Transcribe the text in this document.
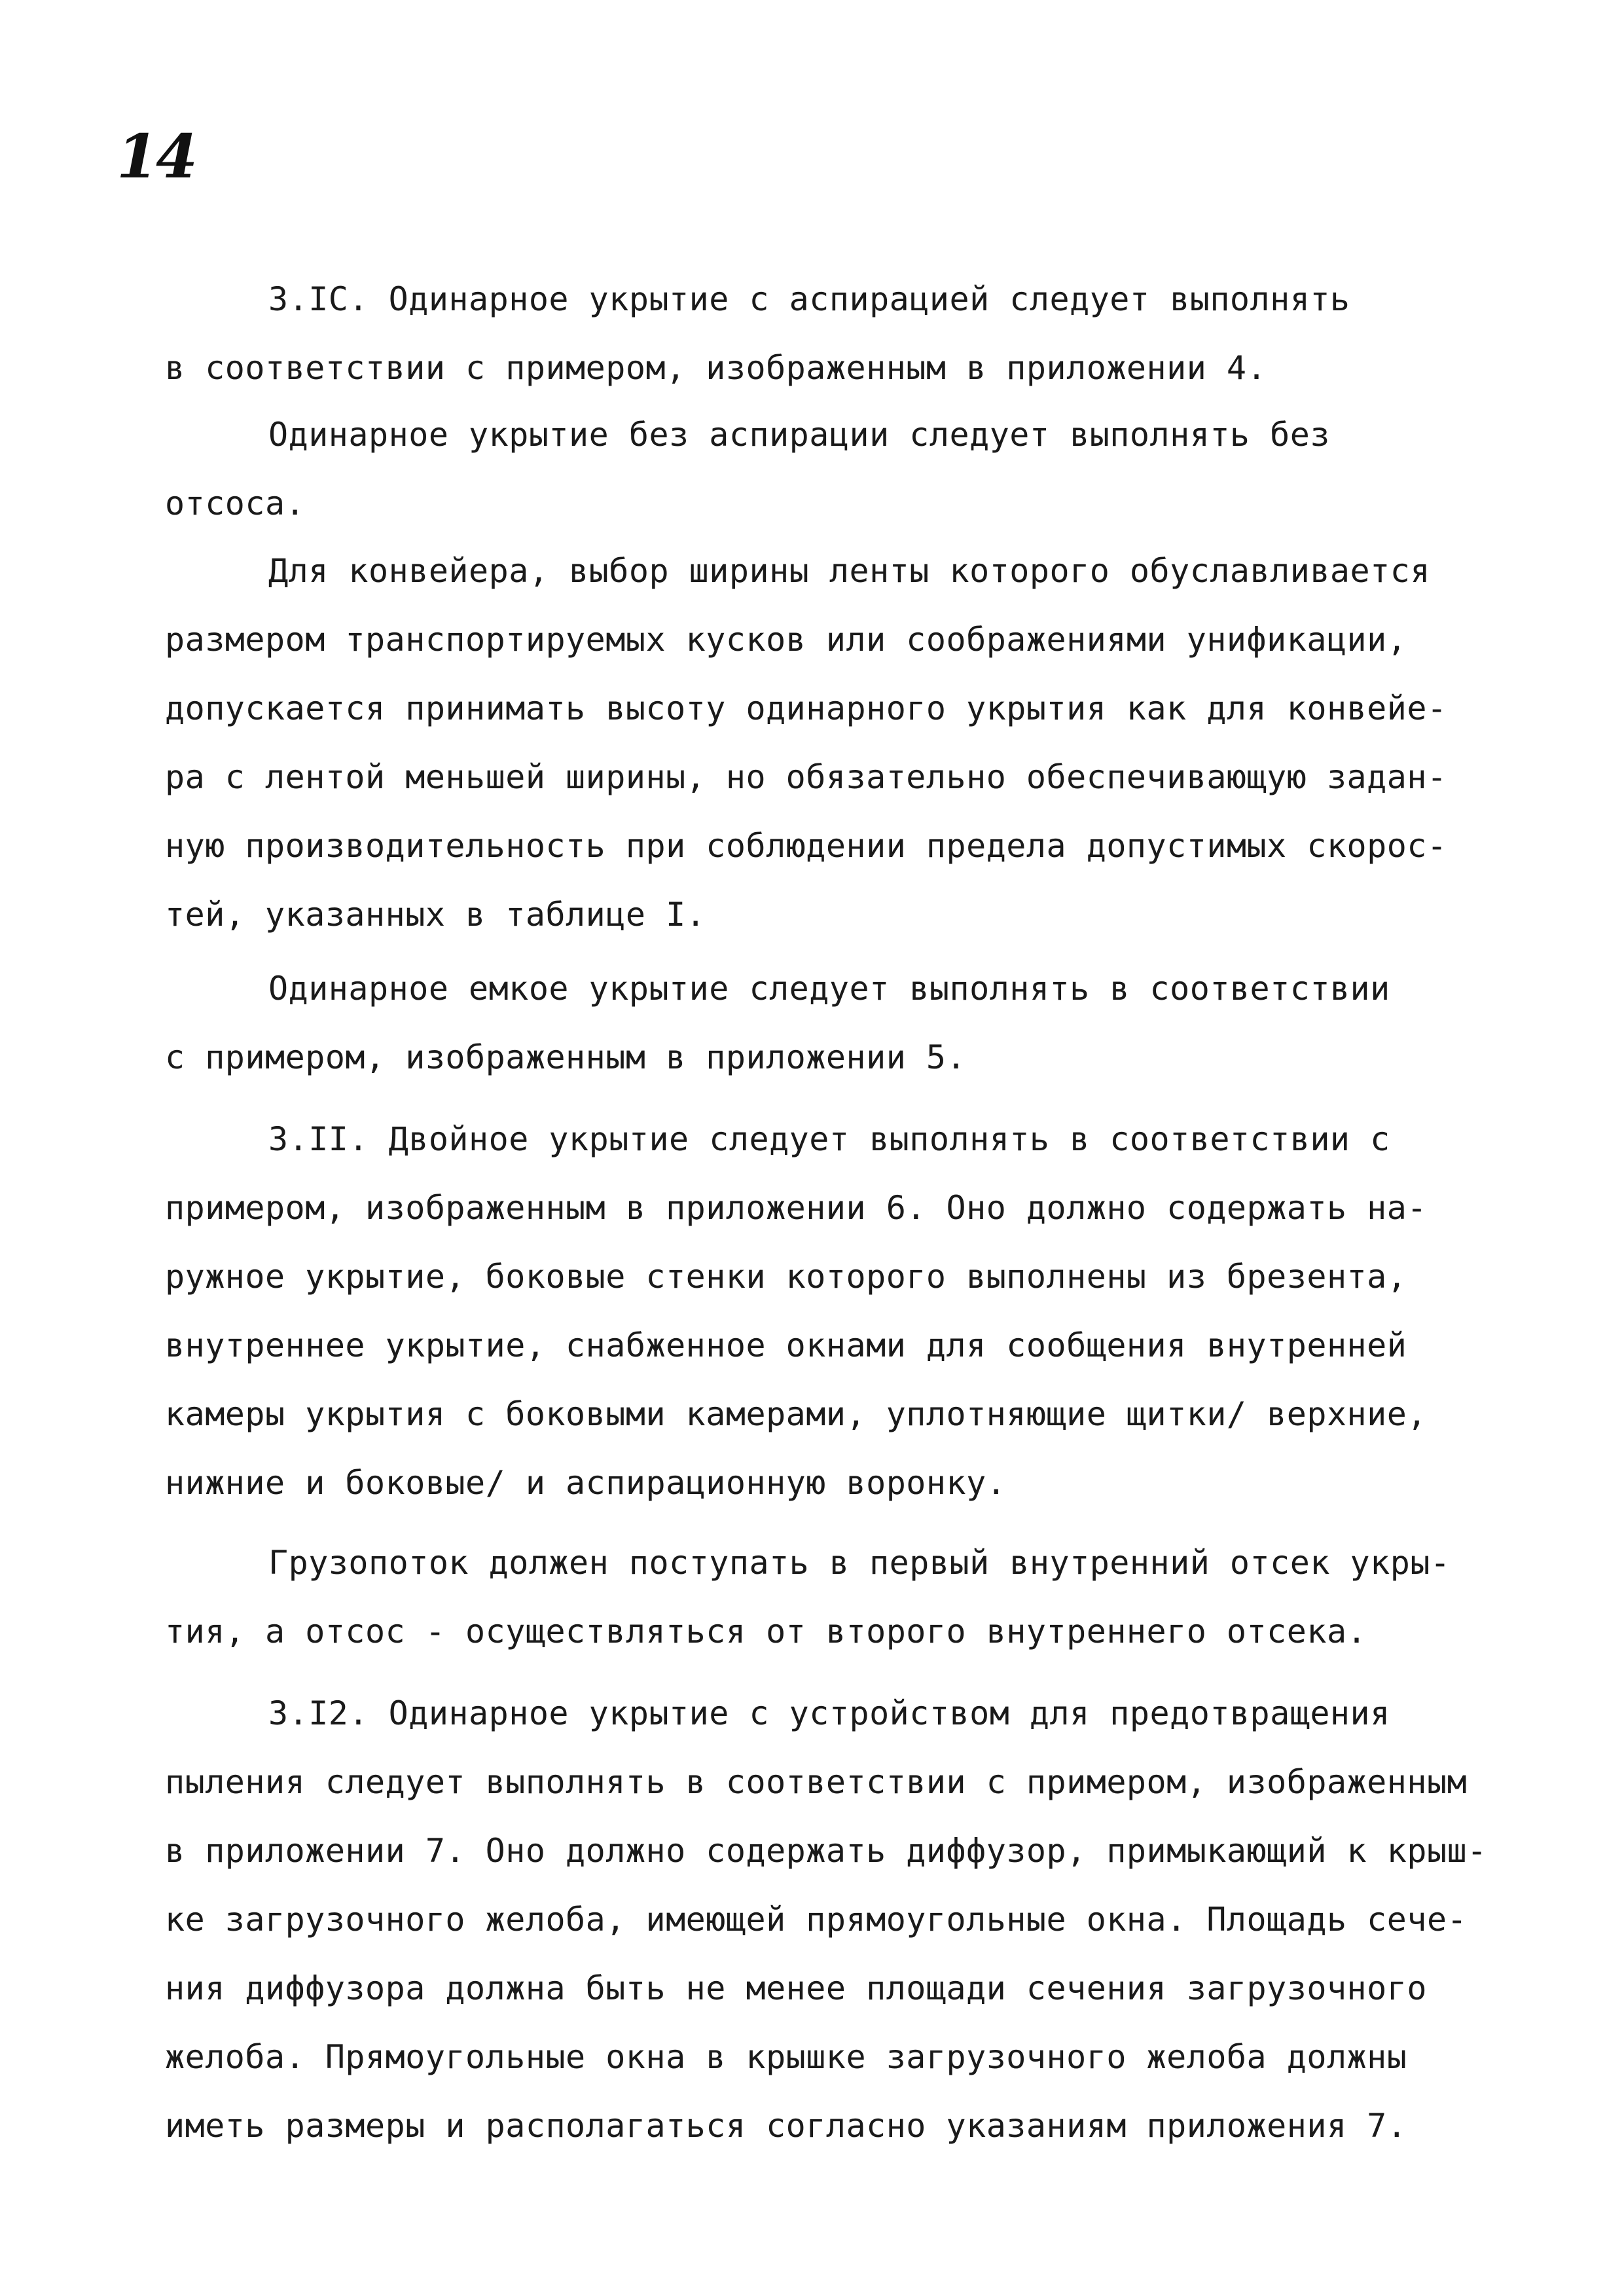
14
3.IC. Одинарное укрытие с аспирацией следует выполнять
в соответствии с примером, изображенным в приложении 4.
Одинарное укрытие без аспирации следует выполнять без
отсоса.
Для конвейера, выбор ширины ленты которого обуславливается
размером транспортируемых кусков или соображениями унификации,
допускается принимать высоту одинарного укрытия как для конвейе-
ра с лентой меньшей ширины, но обязательно обеспечивающую задан-
ную производительность при соблюдении предела допустимых скорос-
тей, указанных в таблице I.
Одинарное емкое укрытие следует выполнять в соответствии
с примером, изображенным в приложении 5.
3.II. Двойное укрытие следует выполнять в соответствии с
примером, изображенным в приложении 6. Оно должно содержать на-
ружное укрытие, боковые стенки которого выполнены из брезента,
внутреннее укрытие, снабженное окнами для сообщения внутренней
камеры укрытия с боковыми камерами, уплотняющие щитки/ верхние,
нижние и боковые/ и аспирационную воронку.
Грузопоток должен поступать в первый внутренний отсек укры-
тия, а отсос - осуществляться от второго внутреннего отсека.
3.I2. Одинарное укрытие с устройством для предотвращения
пыления следует выполнять в соответствии с примером, изображенным
в приложении 7. Оно должно содержать диффузор, примыкающий к крыш-
ке загрузочного желоба, имеющей прямоугольные окна. Площадь сече-
ния диффузора должна быть не менее площади сечения загрузочного
желоба. Прямоугольные окна в крышке загрузочного желоба должны
иметь размеры и располагаться согласно указаниям приложения 7.
